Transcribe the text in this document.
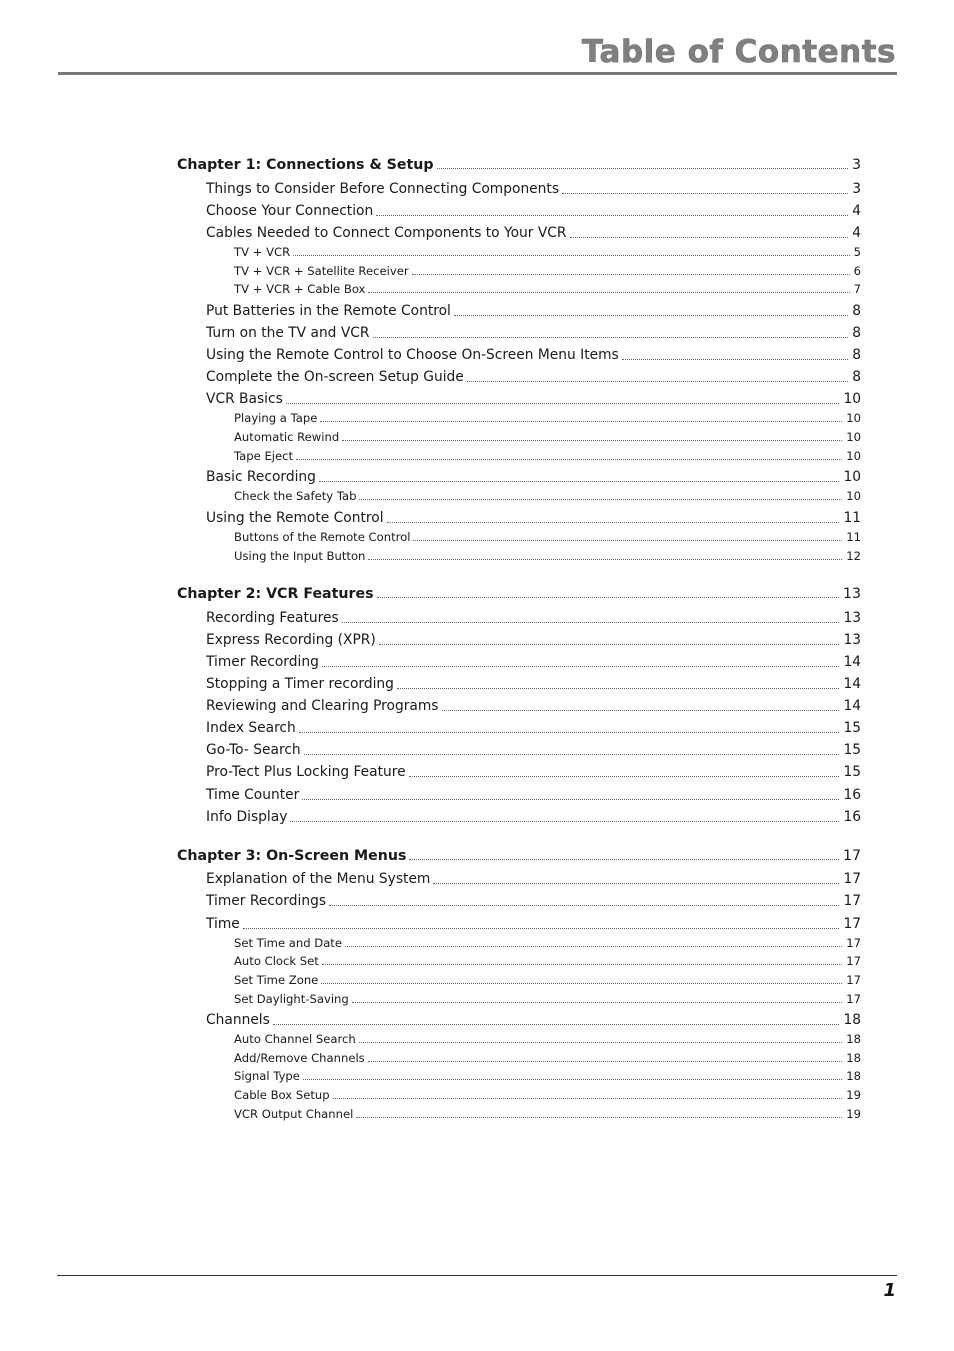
Table of Contents
Chapter 1: Connections & Setup	3
Things to Consider Before Connecting Components	3
Choose Your Connection	4
Cables Needed to Connect Components to Your VCR	4
TV + VCR	5
TV + VCR + Satellite Receiver	6
TV + VCR + Cable Box	7
Put Batteries in the Remote Control	8
Turn on the TV and VCR	8
Using the Remote Control to Choose On-Screen Menu Items	8
Complete the On-screen Setup Guide	8
VCR Basics	10
Playing a Tape	10
Automatic Rewind	10
Tape Eject	10
Basic Recording	10
Check the Safety Tab	10
Using the Remote Control	11
Buttons of the Remote Control	11
Using the Input Button	12
Chapter 2: VCR Features	13
Recording Features	13
Express Recording (XPR)	13
Timer Recording	14
Stopping a Timer recording	14
Reviewing and Clearing Programs	14
Index Search	15
Go-To- Search	15
Pro-Tect Plus Locking Feature	15
Time Counter	16
Info Display	16
Chapter 3: On-Screen Menus	17
Explanation of the Menu System	17
Timer Recordings	17
Time	17
Set Time and Date	17
Auto Clock Set	17
Set Time Zone	17
Set Daylight-Saving	17
Channels	18
Auto Channel Search	18
Add/Remove Channels	18
Signal Type	18
Cable Box Setup	19
VCR Output Channel	19
1
